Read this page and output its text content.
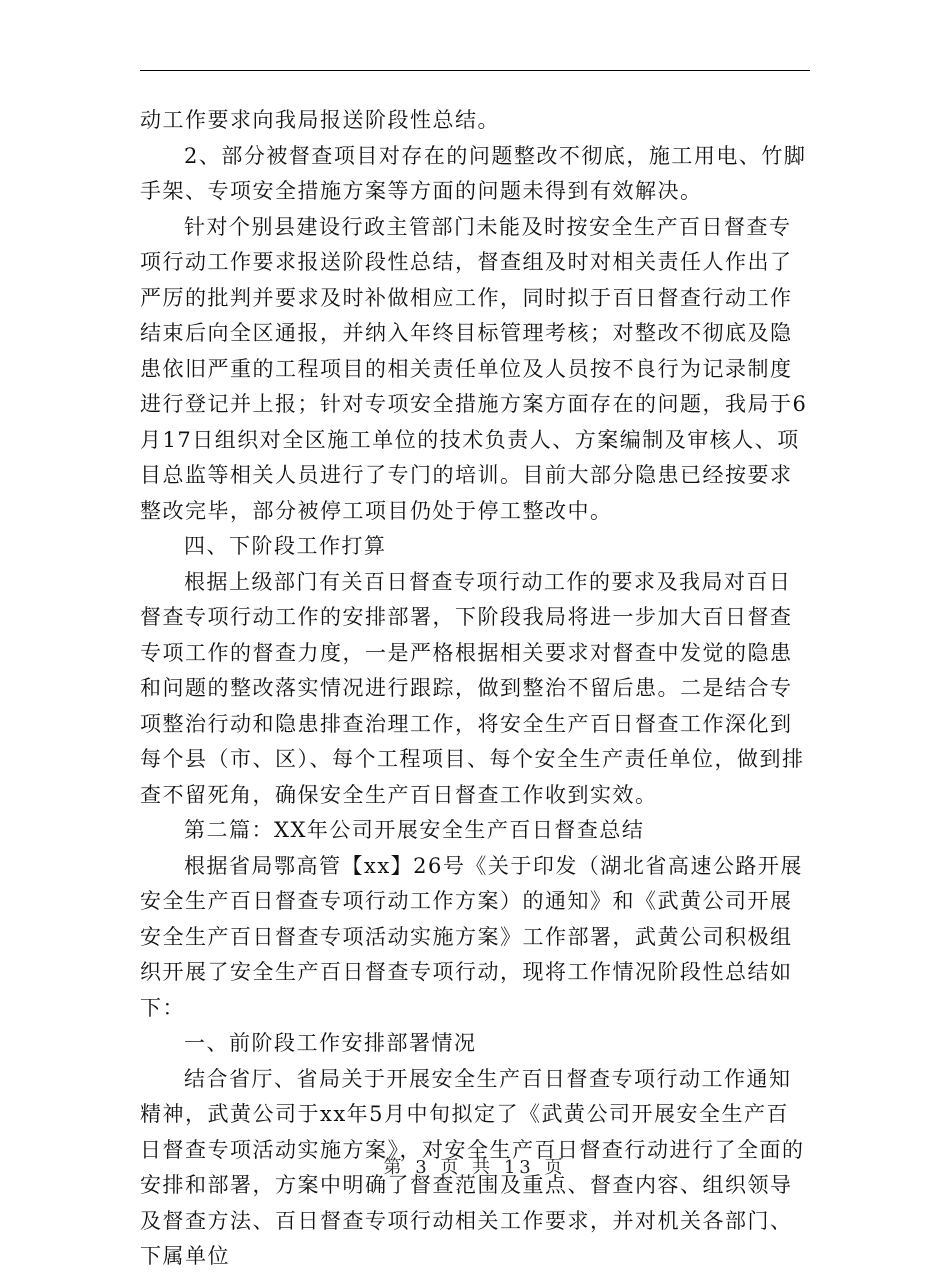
动工作要求向我局报送阶段性总结。

2、部分被督查项目对存在的问题整改不彻底，施工用电、竹脚手架、专项安全措施方案等方面的问题未得到有效解决。

针对个别县建设行政主管部门未能及时按安全生产百日督查专项行动工作要求报送阶段性总结，督查组及时对相关责任人作出了严厉的批判并要求及时补做相应工作，同时拟于百日督查行动工作结束后向全区通报，并纳入年终目标管理考核；对整改不彻底及隐患依旧严重的工程项目的相关责任单位及人员按不良行为记录制度进行登记并上报；针对专项安全措施方案方面存在的问题，我局于6月17日组织对全区施工单位的技术负责人、方案编制及审核人、项目总监等相关人员进行了专门的培训。目前大部分隐患已经按要求整改完毕，部分被停工项目仍处于停工整改中。

四、下阶段工作打算

根据上级部门有关百日督查专项行动工作的要求及我局对百日督查专项行动工作的安排部署，下阶段我局将进一步加大百日督查专项工作的督查力度，一是严格根据相关要求对督查中发觉的隐患和问题的整改落实情况进行跟踪，做到整治不留后患。二是结合专项整治行动和隐患排查治理工作，将安全生产百日督查工作深化到每个县（市、区）、每个工程项目、每个安全生产责任单位，做到排查不留死角，确保安全生产百日督查工作收到实效。

第二篇：XX年公司开展安全生产百日督查总结

根据省局鄂高管【xx】26号《关于印发（湖北省高速公路开展安全生产百日督查专项行动工作方案）的通知》和《武黄公司开展安全生产百日督查专项活动实施方案》工作部署，武黄公司积极组织开展了安全生产百日督查专项行动，现将工作情况阶段性总结如下：

一、前阶段工作安排部署情况

结合省厅、省局关于开展安全生产百日督查专项行动工作通知精神，武黄公司于xx年5月中旬拟定了《武黄公司开展安全生产百日督查专项活动实施方案》，对安全生产百日督查行动进行了全面的安排和部署，方案中明确了督查范围及重点、督查内容、组织领导及督查方法、百日督查专项行动相关工作要求，并对机关各部门、下属单位

第 3 页 共 13 页
